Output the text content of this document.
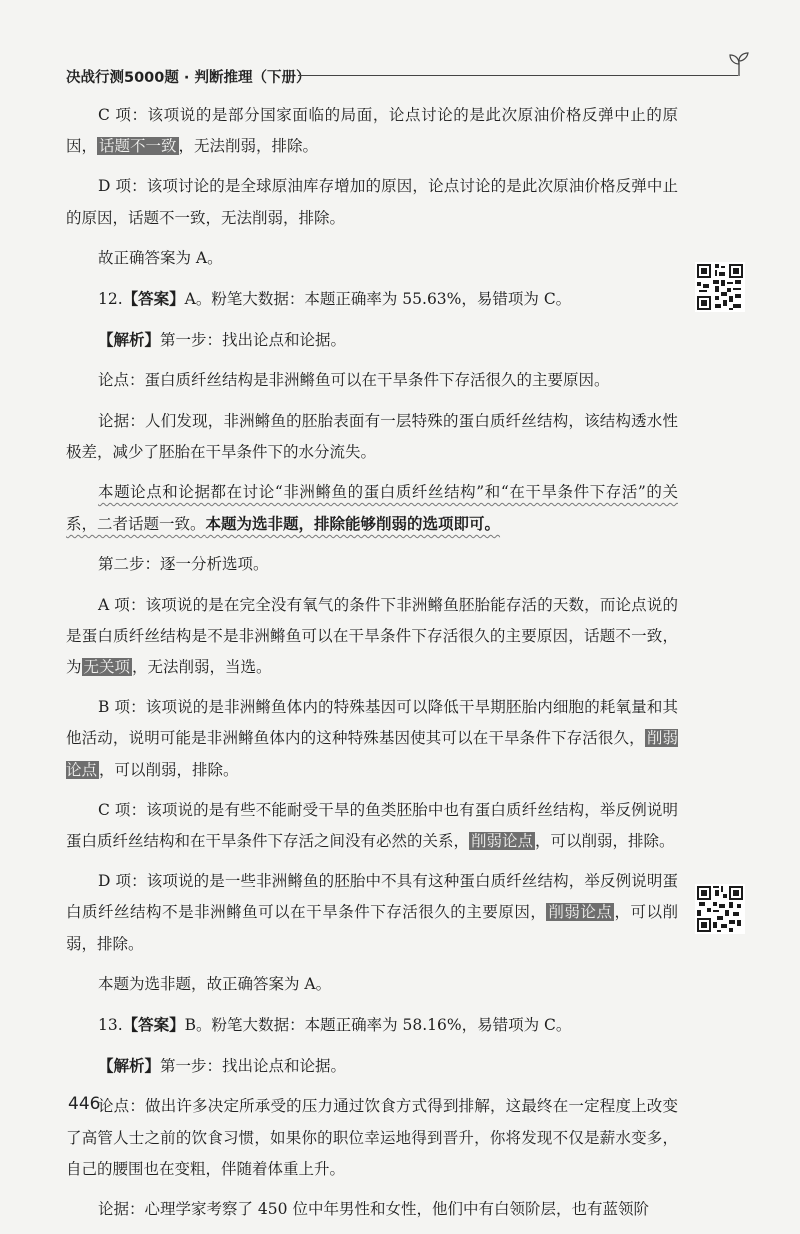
决战行测5000题 · 判断推理（下册）

C 项：该项说的是部分国家面临的局面，论点讨论的是此次原油价格反弹中止的原因， 话题不一致 ，无法削弱，排除。

D 项：该项讨论的是全球原油库存增加的原因，论点讨论的是此次原油价格反弹中止的原因，话题不一致，无法削弱，排除。

故正确答案为 A。

12.【答案】A。粉笔大数据：本题正确率为 55.63%，易错项为 C。

【解析】第一步：找出论点和论据。

论点：蛋白质纤丝结构是非洲鳉鱼可以在干旱条件下存活很久的主要原因。

论据：人们发现，非洲鳉鱼的胚胎表面有一层特殊的蛋白质纤丝结构，该结构透水性极差，减少了胚胎在干旱条件下的水分流失。

本题论点和论据都在讨论“非洲鳉鱼的蛋白质纤丝结构”和“在干旱条件下存活”的关系，二者话题一致。本题为选非题，排除能够削弱的选项即可。

第二步：逐一分析选项。

A 项：该项说的是在完全没有氧气的条件下非洲鳉鱼胚胎能存活的天数，而论点说的是蛋白质纤丝结构是不是非洲鳉鱼可以在干旱条件下存活很久的主要原因，话题不一致，为 无关项 ，无法削弱，当选。

B 项：该项说的是非洲鳉鱼体内的特殊基因可以降低干旱期胚胎内细胞的耗氧量和其他活动，说明可能是非洲鳉鱼体内的这种特殊基因使其可以在干旱条件下存活很久， 削弱论点 ，可以削弱，排除。

C 项：该项说的是有些不能耐受干旱的鱼类胚胎中也有蛋白质纤丝结构，举反例说明蛋白质纤丝结构和在干旱条件下存活之间没有必然的关系， 削弱论点 ，可以削弱，排除。

D 项：该项说的是一些非洲鳉鱼的胚胎中不具有这种蛋白质纤丝结构，举反例说明蛋白质纤丝结构不是非洲鳉鱼可以在干旱条件下存活很久的主要原因， 削弱论点 ，可以削弱，排除。

本题为选非题，故正确答案为 A。

13.【答案】B。粉笔大数据：本题正确率为 58.16%，易错项为 C。

【解析】第一步：找出论点和论据。

论点：做出许多决定所承受的压力通过饮食方式得到排解，这最终在一定程度上改变了高管人士之前的饮食习惯，如果你的职位幸运地得到晋升，你将发现不仅是薪水变多，自己的腰围也在变粗，伴随着体重上升。

论据：心理学家考察了 450 位中年男性和女性，他们中有白领阶层，也有蓝领阶

446
